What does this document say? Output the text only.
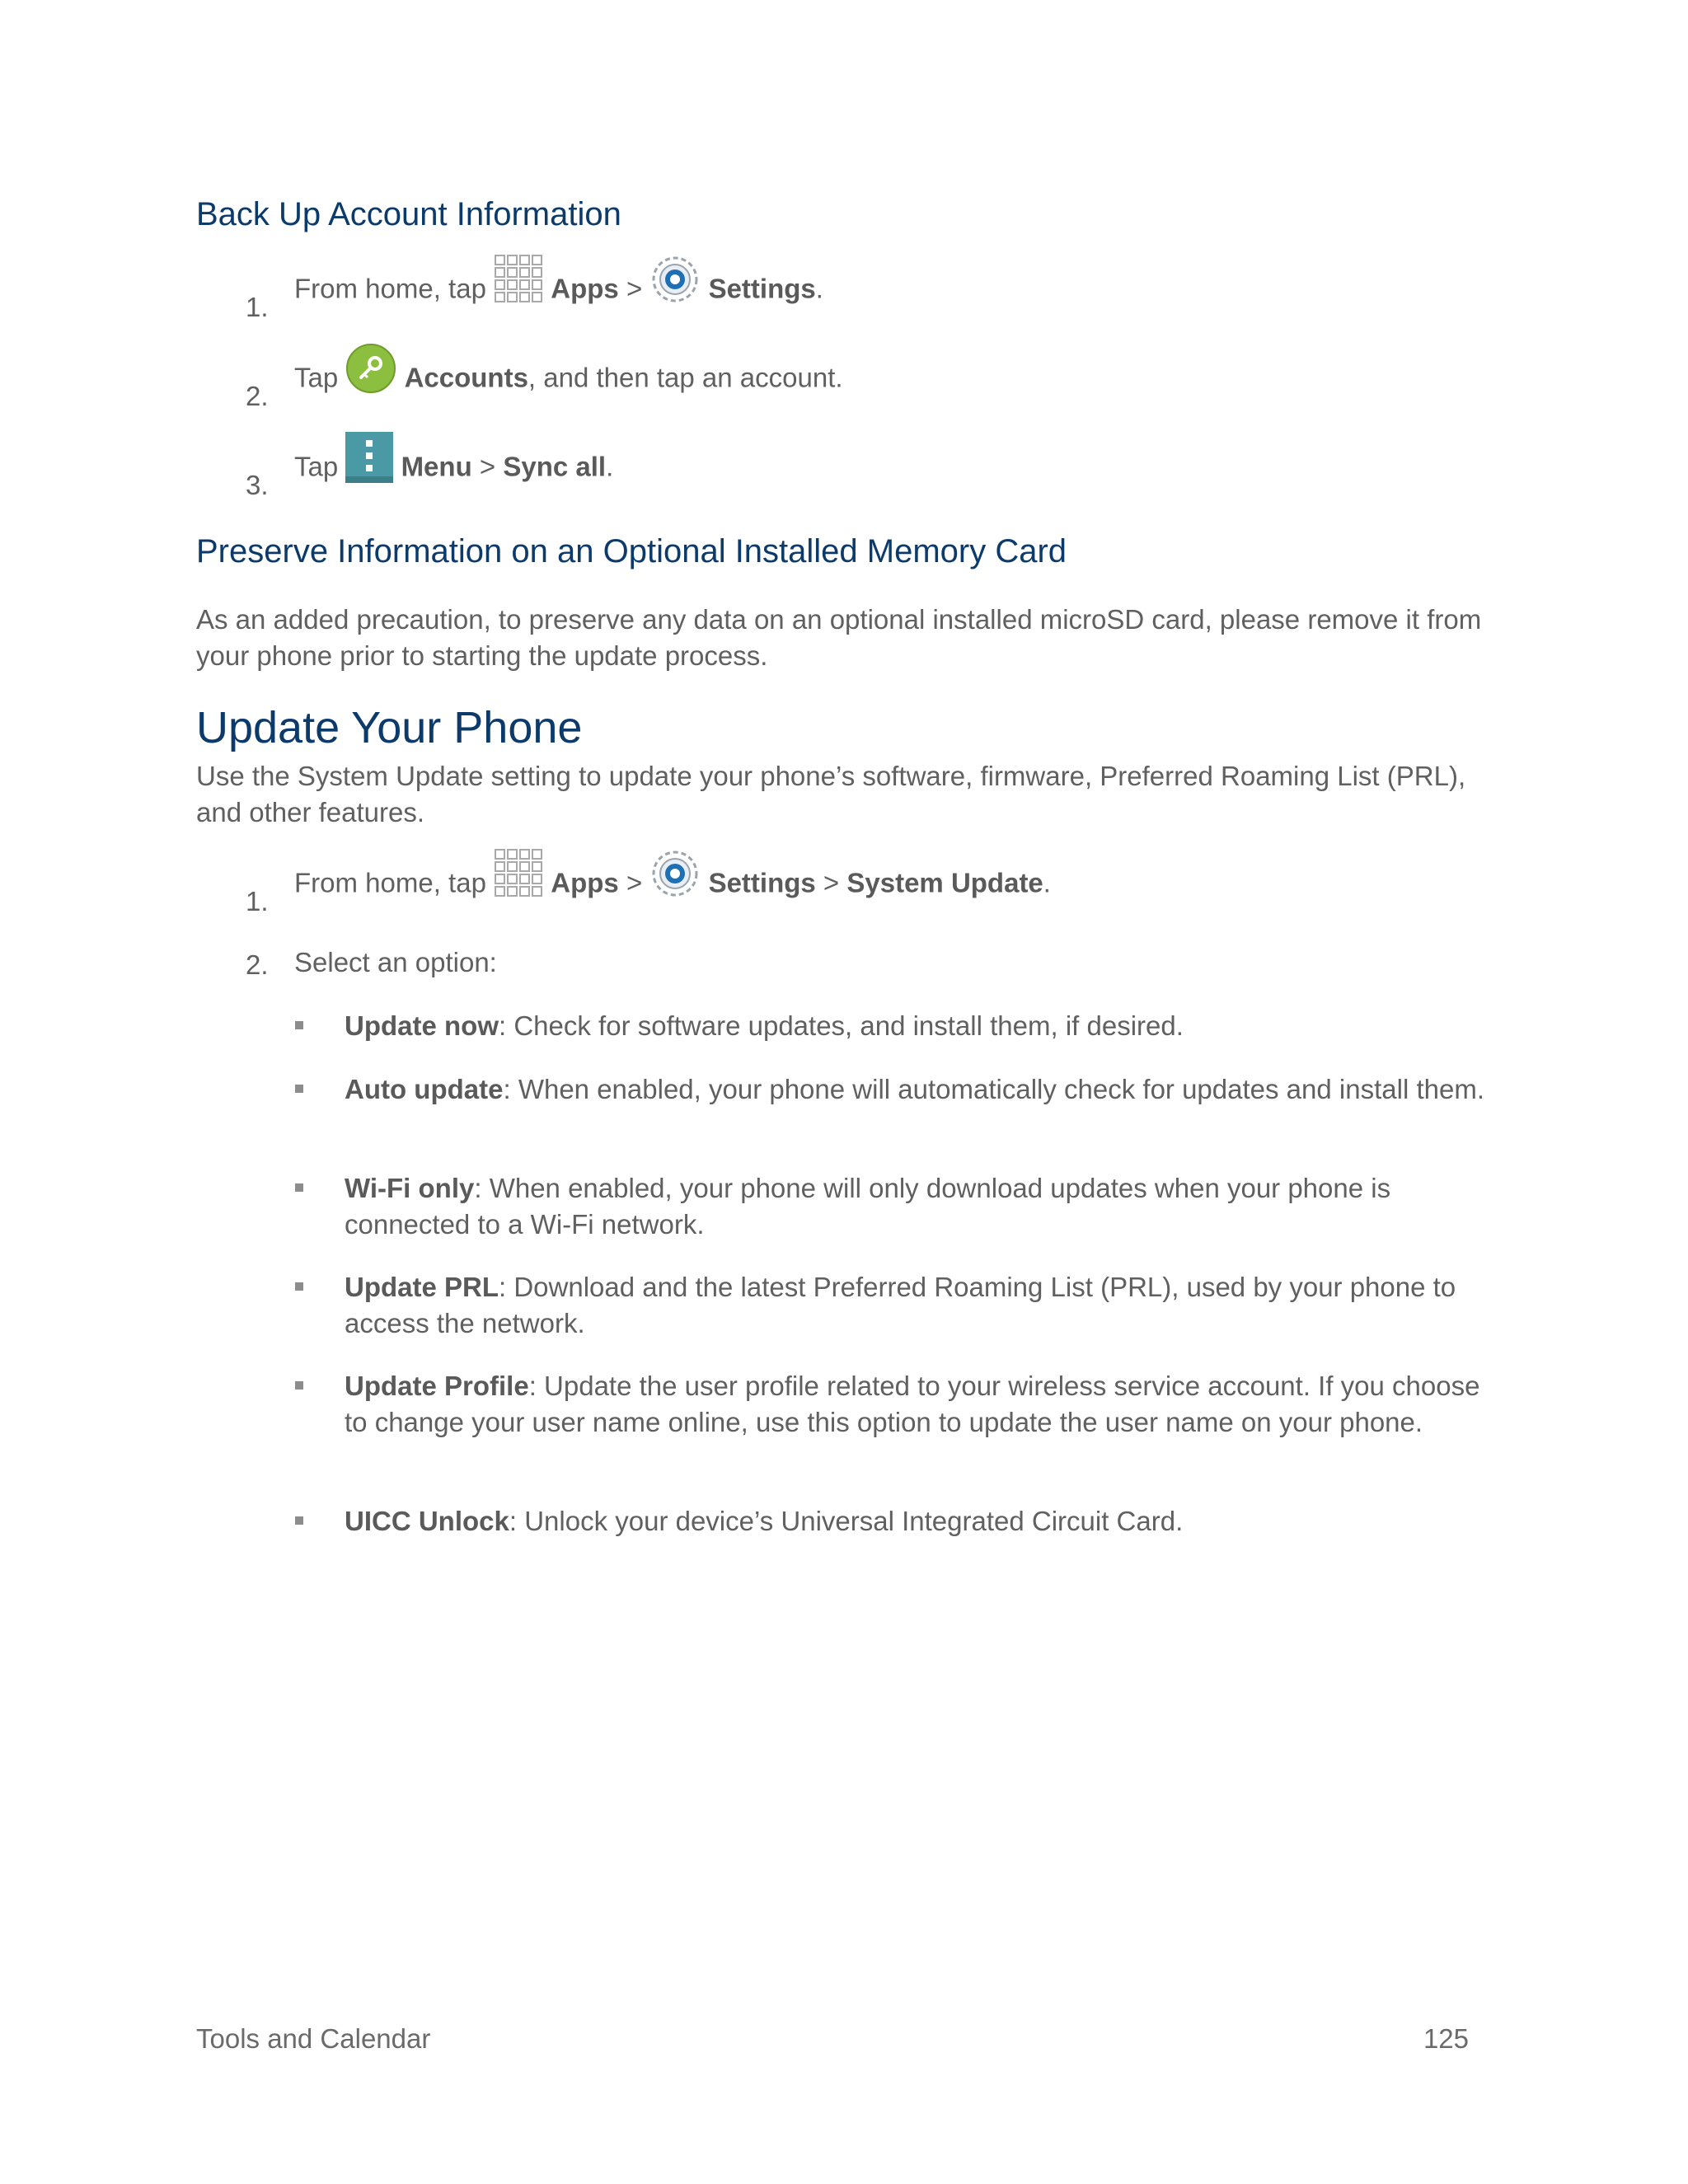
Back Up Account Information
1.
From home, tap Apps > Settings.
2.
Tap Accounts, and then tap an account.
3.
Tap Menu > Sync all.
Preserve Information on an Optional Installed Memory Card
As an added precaution, to preserve any data on an optional installed microSD card, please remove it from your phone prior to starting the update process.
Update Your Phone
Use the System Update setting to update your phone’s software, firmware, Preferred Roaming List (PRL), and other features.
1.
From home, tap Apps > Settings > System Update.
2. Select an option:
Update now: Check for software updates, and install them, if desired.
Auto update: When enabled, your phone will automatically check for updates and install them.
Wi-Fi only: When enabled, your phone will only download updates when your phone is connected to a Wi-Fi network.
Update PRL: Download and the latest Preferred Roaming List (PRL), used by your phone to access the network.
Update Profile: Update the user profile related to your wireless service account. If you choose to change your user name online, use this option to update the user name on your phone.
UICC Unlock: Unlock your device’s Universal Integrated Circuit Card.
Tools and Calendar	125
